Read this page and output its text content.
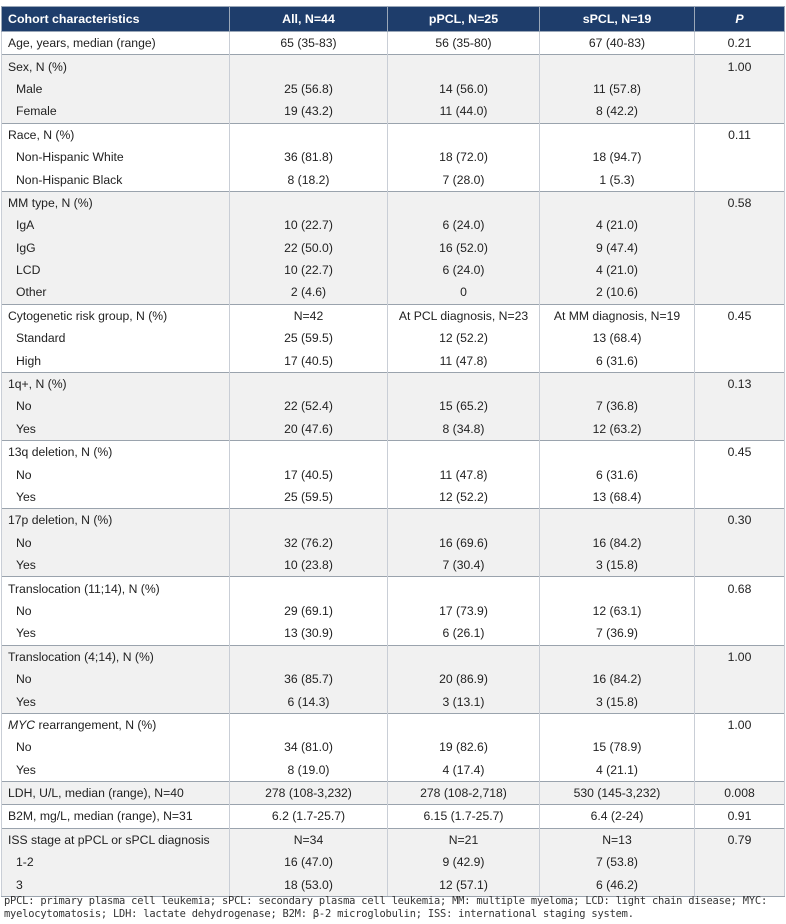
Cohort characteristics	All, N=44	pPCL, N=25	sPCL, N=19	P
Age, years, median (range)	65 (35-83)	56 (35-80)	67 (40-83)	0.21
Sex, N (%)				1.00
Male	25 (56.8)	14 (56.0)	11 (57.8)	
Female	19 (43.2)	11 (44.0)	8 (42.2)	
Race, N (%)				0.11
Non-Hispanic White	36 (81.8)	18 (72.0)	18 (94.7)	
Non-Hispanic Black	8 (18.2)	7 (28.0)	1 (5.3)	
MM type, N (%)				0.58
IgA	10 (22.7)	6 (24.0)	4 (21.0)	
IgG	22 (50.0)	16 (52.0)	9 (47.4)	
LCD	10 (22.7)	6 (24.0)	4 (21.0)	
Other	2 (4.6)	0	2 (10.6)	
Cytogenetic risk group, N (%)	N=42	At PCL diagnosis, N=23	At MM diagnosis, N=19	0.45
Standard	25 (59.5)	12 (52.2)	13 (68.4)	
High	17 (40.5)	11 (47.8)	6 (31.6)	
1q+, N (%)				0.13
No	22 (52.4)	15 (65.2)	7 (36.8)	
Yes	20 (47.6)	8 (34.8)	12 (63.2)	
13q deletion, N (%)				0.45
No	17 (40.5)	11 (47.8)	6 (31.6)	
Yes	25 (59.5)	12 (52.2)	13 (68.4)	
17p deletion, N (%)				0.30
No	32 (76.2)	16 (69.6)	16 (84.2)	
Yes	10 (23.8)	7 (30.4)	3 (15.8)	
Translocation (11;14), N (%)				0.68
No	29 (69.1)	17 (73.9)	12 (63.1)	
Yes	13 (30.9)	6 (26.1)	7 (36.9)	
Translocation (4;14), N (%)				1.00
No	36 (85.7)	20 (86.9)	16 (84.2)	
Yes	6 (14.3)	3 (13.1)	3 (15.8)	
MYC rearrangement, N (%)				1.00
No	34 (81.0)	19 (82.6)	15 (78.9)	
Yes	8 (19.0)	4 (17.4)	4 (21.1)	
LDH, U/L, median (range), N=40	278 (108-3,232)	278 (108-2,718)	530 (145-3,232)	0.008
B2M, mg/L, median (range), N=31	6.2 (1.7-25.7)	6.15 (1.7-25.7)	6.4 (2-24)	0.91
ISS stage at pPCL or sPCL diagnosis	N=34	N=21	N=13	0.79
1-2	16 (47.0)	9 (42.9)	7 (53.8)	
3	18 (53.0)	12 (57.1)	6 (46.2)	
pPCL: primary plasma cell leukemia; sPCL: secondary plasma cell leukemia; MM: multiple myeloma; LCD: light chain disease; MYC: myelocytomatosis; LDH: lactate dehydrogenase; B2M: β-2 microglobulin; ISS: international staging system.
